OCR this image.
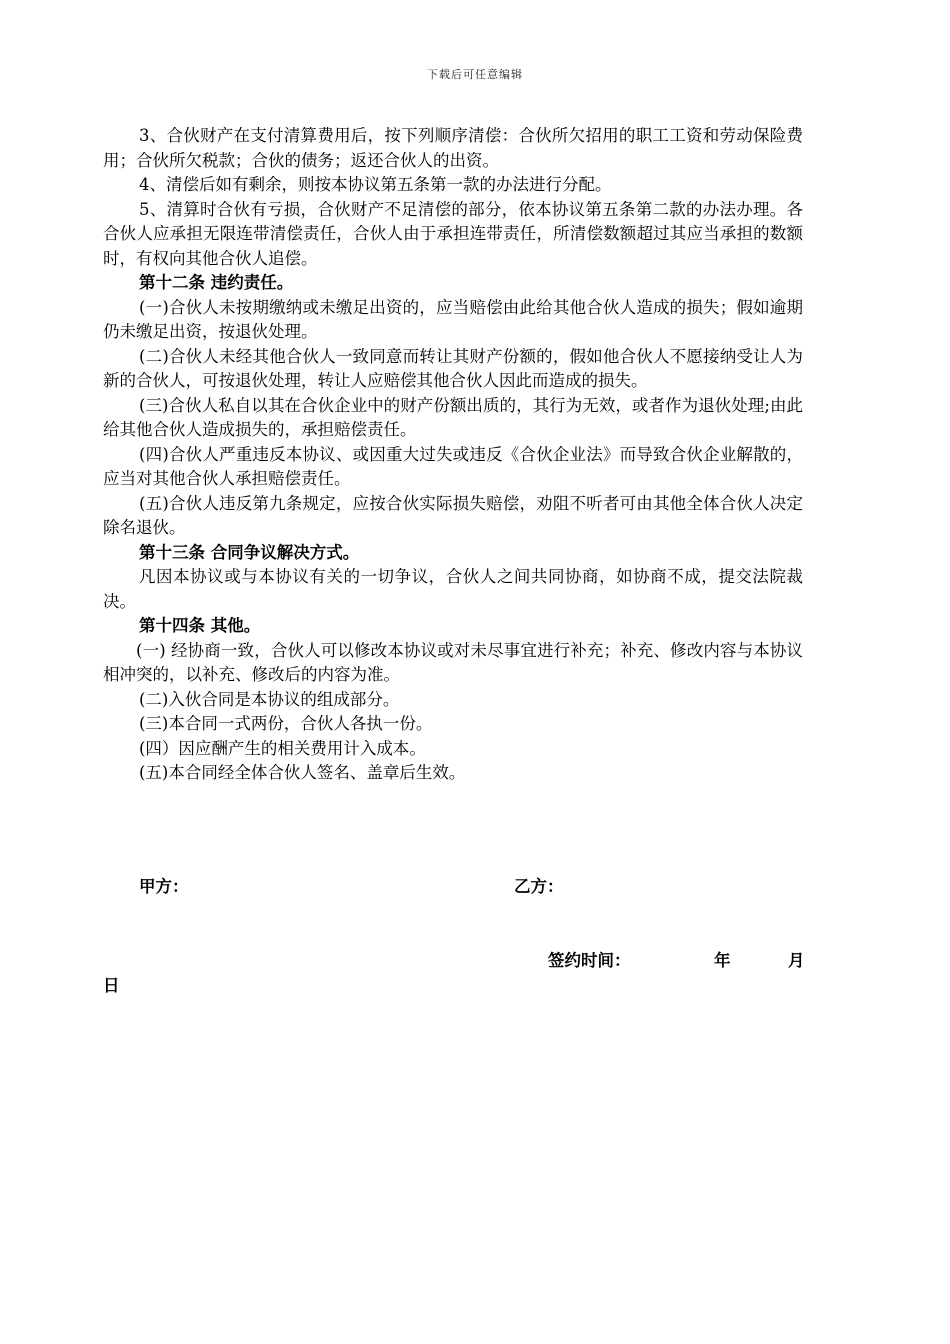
下载后可任意编辑

3、合伙财产在支付清算费用后，按下列顺序清偿：合伙所欠招用的职工工资和劳动保险费用；合伙所欠税款；合伙的债务；返还合伙人的出资。

4、清偿后如有剩余，则按本协议第五条第一款的办法进行分配。

5、清算时合伙有亏损，合伙财产不足清偿的部分，依本协议第五条第二款的办法办理。各合伙人应承担无限连带清偿责任，合伙人由于承担连带责任，所清偿数额超过其应当承担的数额时，有权向其他合伙人追偿。

第十二条 违约责任。

(一)合伙人未按期缴纳或未缴足出资的，应当赔偿由此给其他合伙人造成的损失；假如逾期仍未缴足出资，按退伙处理。

(二)合伙人未经其他合伙人一致同意而转让其财产份额的，假如他合伙人不愿接纳受让人为新的合伙人，可按退伙处理，转让人应赔偿其他合伙人因此而造成的损失。

(三)合伙人私自以其在合伙企业中的财产份额出质的，其行为无效，或者作为退伙处理;由此给其他合伙人造成损失的，承担赔偿责任。

(四)合伙人严重违反本协议、或因重大过失或违反《合伙企业法》而导致合伙企业解散的，应当对其他合伙人承担赔偿责任。

(五)合伙人违反第九条规定，应按合伙实际损失赔偿，劝阻不听者可由其他全体合伙人决定除名退伙。

第十三条 合同争议解决方式。

凡因本协议或与本协议有关的一切争议，合伙人之间共同协商，如协商不成，提交法院裁决。

第十四条 其他。

(一) 经协商一致，合伙人可以修改本协议或对未尽事宜进行补充；补充、修改内容与本协议相冲突的，以补充、修改后的内容为准。

(二)入伙合同是本协议的组成部分。

(三)本合同一式两份，合伙人各执一份。

(四）因应酬产生的相关费用计入成本。

(五)本合同经全体合伙人签名、盖章后生效。

甲方：	乙方：
签约时间：	年	月
日
